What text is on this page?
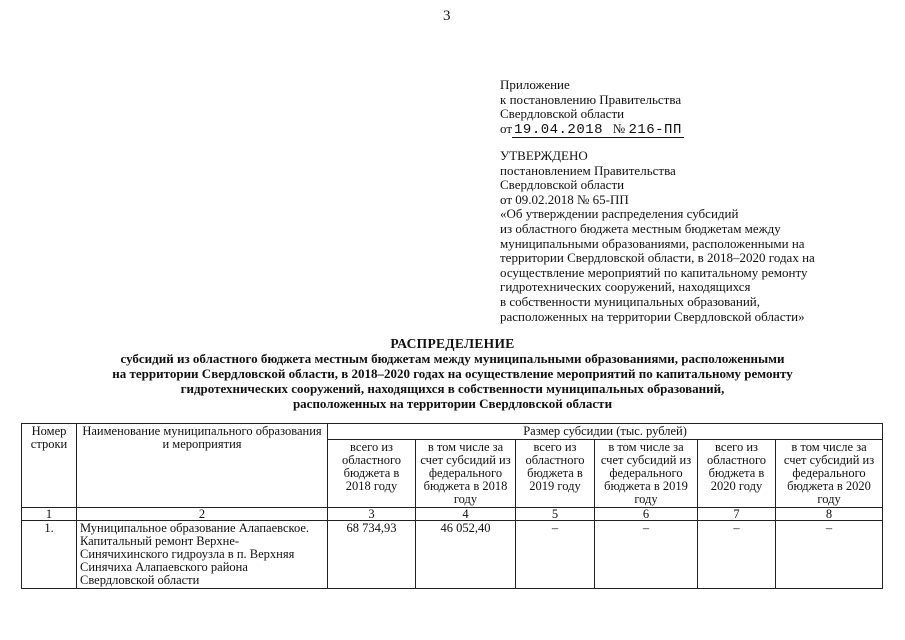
3
Приложение
к постановлению Правительства
Свердловской области
от 19.04.2018 № 216-ПП
УТВЕРЖДЕНО
постановлением Правительства
Свердловской области
от 09.02.2018 № 65-ПП
«Об утверждении распределения субсидий
из областного бюджета местным бюджетам между
муниципальными образованиями, расположенными на
территории Свердловской области, в 2018–2020 годах на
осуществление мероприятий по капитальному ремонту
гидротехнических сооружений, находящихся
в собственности муниципальных образований,
расположенных на территории Свердловской области»
РАСПРЕДЕЛЕНИЕ
субсидий из областного бюджета местным бюджетам между муниципальными образованиями, расположенными
на территории Свердловской области, в 2018–2020 годах на осуществление мероприятий по капитальному ремонту
гидротехнических сооружений, находящихся в собственности муниципальных образований,
расположенных на территории Свердловской области
Номер строки	Наименование муниципального образования и мероприятия	Размер субсидии (тыс. рублей)					
		всего из областного бюджета в 2018 году	в том числе за счет субсидий из федерального бюджета в 2018 году	всего из областного бюджета в 2019 году	в том числе за счет субсидий из федерального бюджета в 2019 году	всего из областного бюджета в 2020 году	в том числе за счет субсидий из федерального бюджета в 2020 году
1	2	3	4	5	6	7	8
1.	Муниципальное образование Алапаевское. Капитальный ремонт Верхне-Синячихинского гидроузла в п. Верхняя Синячиха Алапаевского района Свердловской области	68 734,93	46 052,40	–	–	–	–
